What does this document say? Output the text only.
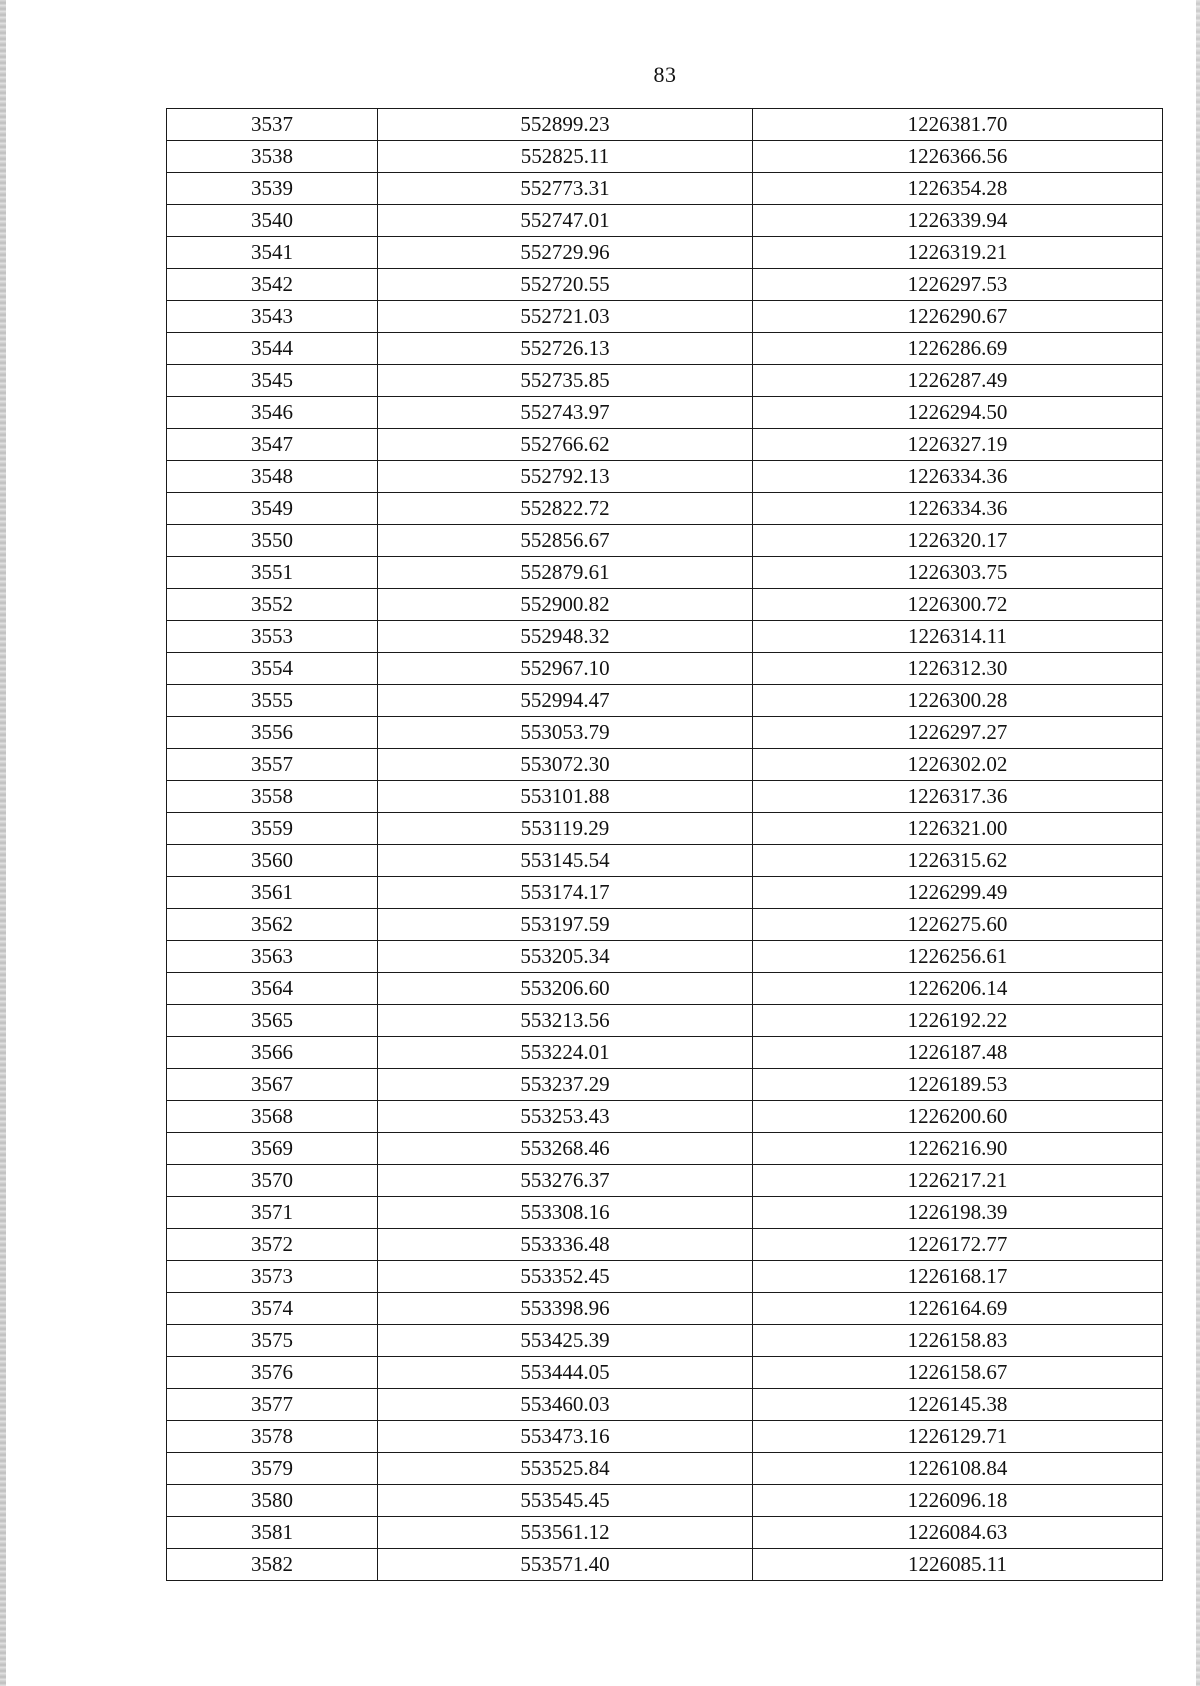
83
3537	552899.23	1226381.70
3538	552825.11	1226366.56
3539	552773.31	1226354.28
3540	552747.01	1226339.94
3541	552729.96	1226319.21
3542	552720.55	1226297.53
3543	552721.03	1226290.67
3544	552726.13	1226286.69
3545	552735.85	1226287.49
3546	552743.97	1226294.50
3547	552766.62	1226327.19
3548	552792.13	1226334.36
3549	552822.72	1226334.36
3550	552856.67	1226320.17
3551	552879.61	1226303.75
3552	552900.82	1226300.72
3553	552948.32	1226314.11
3554	552967.10	1226312.30
3555	552994.47	1226300.28
3556	553053.79	1226297.27
3557	553072.30	1226302.02
3558	553101.88	1226317.36
3559	553119.29	1226321.00
3560	553145.54	1226315.62
3561	553174.17	1226299.49
3562	553197.59	1226275.60
3563	553205.34	1226256.61
3564	553206.60	1226206.14
3565	553213.56	1226192.22
3566	553224.01	1226187.48
3567	553237.29	1226189.53
3568	553253.43	1226200.60
3569	553268.46	1226216.90
3570	553276.37	1226217.21
3571	553308.16	1226198.39
3572	553336.48	1226172.77
3573	553352.45	1226168.17
3574	553398.96	1226164.69
3575	553425.39	1226158.83
3576	553444.05	1226158.67
3577	553460.03	1226145.38
3578	553473.16	1226129.71
3579	553525.84	1226108.84
3580	553545.45	1226096.18
3581	553561.12	1226084.63
3582	553571.40	1226085.11
